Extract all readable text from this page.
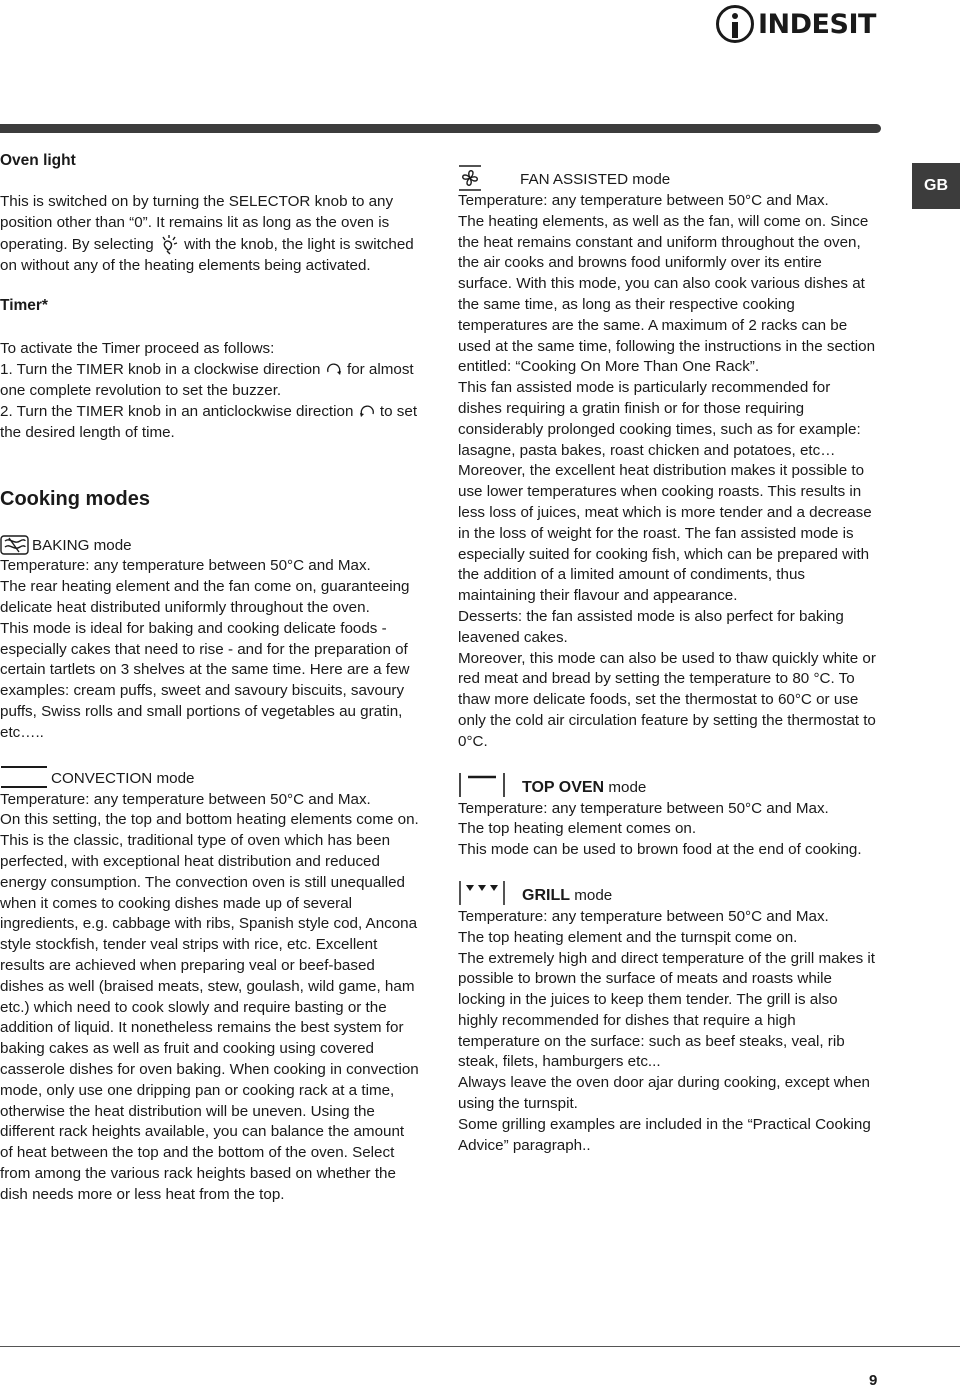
INDESIT
GB
Oven light

This is switched on by turning the SELECTOR knob to any position other than “0”. It remains lit as long as the oven is operating. By selecting with the knob, the light is switched on without any of the heating elements being activated.

Timer*

To activate the Timer proceed as follows:

1. Turn the TIMER knob in a clockwise direction for almost one complete revolution to set the buzzer.

2. Turn the TIMER knob in an anticlockwise direction to set the desired length of time.

Cooking modes
BAKING mode

Temperature: any temperature between 50°C and Max.

The rear heating element and the fan come on, guaranteeing delicate heat distributed uniformly throughout the oven.

This mode is ideal for baking and cooking delicate foods - especially cakes that need to rise - and for the preparation of certain tartlets on 3 shelves at the same time. Here are a few examples: cream puffs, sweet and savoury biscuits, savoury puffs, Swiss rolls and small portions of vegetables au gratin, etc…..

CONVECTION mode

Temperature: any temperature between 50°C and Max.

On this setting, the top and bottom heating elements come on. This is the classic, traditional type of oven which has been perfected, with exceptional heat distribution and reduced energy consumption. The convection oven is still unequalled when it comes to cooking dishes made up of several ingredients, e.g. cabbage with ribs, Spanish style cod, Ancona style stockfish, tender veal strips with rice, etc. Excellent results are achieved when preparing veal or beef-based dishes as well (braised meats, stew, goulash, wild game, ham etc.) which need to cook slowly and require basting or the addition of liquid. It nonetheless remains the best system for baking cakes as well as fruit and cooking using covered casserole dishes for oven baking. When cooking in convection mode, only use one dripping pan or cooking rack at a time, otherwise the heat distribution will be uneven. Using the different rack heights available, you can balance the amount of heat between the top and the bottom of the oven. Select from among the various rack heights based on whether the dish needs more or less heat from the top.

FAN ASSISTED mode

Temperature: any temperature between 50°C and Max.

The heating elements, as well as the fan, will come on. Since the heat remains constant and uniform throughout the oven, the air cooks and browns food uniformly over its entire surface. With this mode, you can also cook various dishes at the same time, as long as their respective cooking temperatures are the same. A maximum of 2 racks can be used at the same time, following the instructions in the section entitled: “Cooking On More Than One Rack”.

This fan assisted mode is particularly recommended for dishes requiring a gratin finish or for those requiring considerably prolonged cooking times, such as for example: lasagne, pasta bakes, roast chicken and potatoes, etc… Moreover, the excellent heat distribution makes it possible to use lower temperatures when cooking roasts. This results in less loss of juices, meat which is more tender and a decrease in the loss of weight for the roast. The fan assisted mode is especially suited for cooking fish, which can be prepared with the addition of a limited amount of condiments, thus maintaining their flavour and appearance.

Desserts: the fan assisted mode is also perfect for baking leavened cakes.

Moreover, this mode can also be used to thaw quickly white or red meat and bread by setting the temperature to 80 °C. To thaw more delicate foods, set the thermostat to 60°C or use only the cold air circulation feature by setting the thermostat to 0°C.

TOP OVEN mode

Temperature: any temperature between 50°C and Max.

The top heating element comes on.

This mode can be used to brown food at the end of cooking.

GRILL mode

Temperature: any temperature between 50°C and Max.

The top heating element and the turnspit come on.

The extremely high and direct temperature of the grill makes it possible to brown the surface of meats and roasts while locking in the juices to keep them tender. The grill is also highly recommended for dishes that require a high temperature on the surface: such as beef steaks, veal, rib steak, filets, hamburgers etc...

Always leave the oven door ajar during cooking, except when using the turnspit.

Some grilling examples are included in the “Practical Cooking Advice” paragraph..

9
